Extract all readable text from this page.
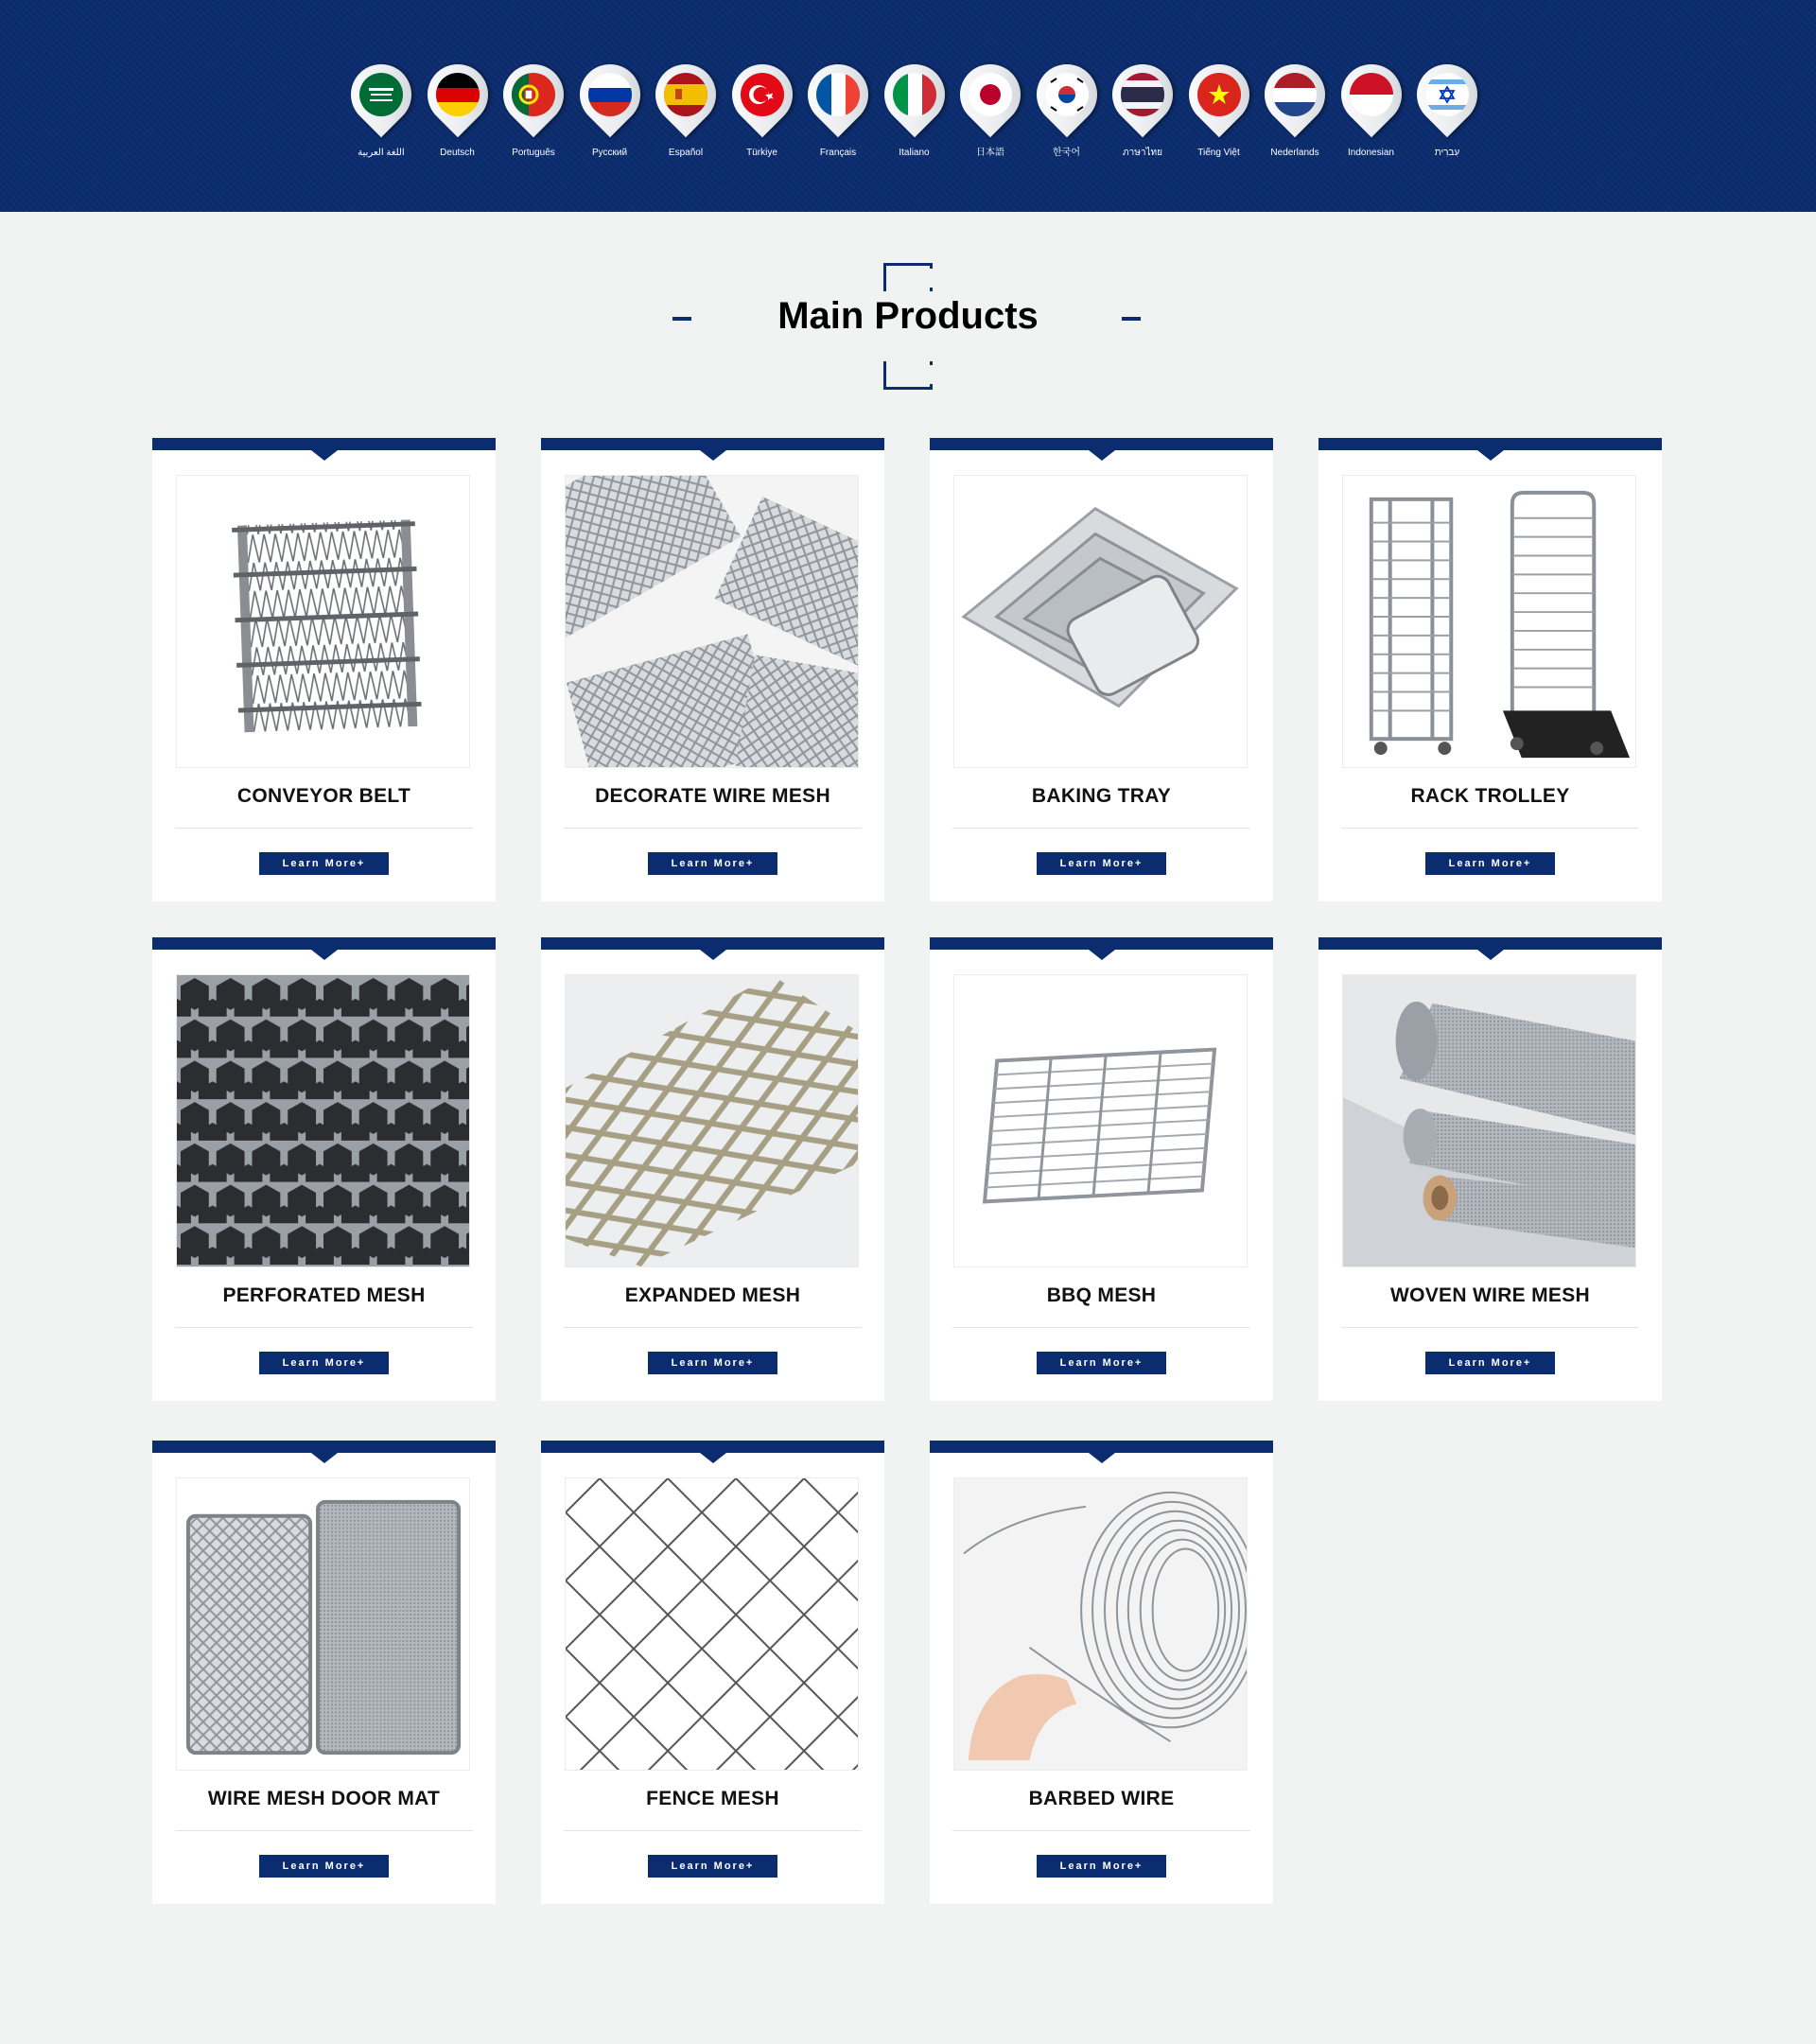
اللغة العربية	Deutsch	Português	Русский	Español	Türkiye	Français	Italiano	日本語	한국어	ภาษาไทย	Tiếng Việt	Nederlands	Indonesian	עִברִית
Main Products
CONVEYOR BELT
Learn More+
DECORATE WIRE MESH
Learn More+
BAKING TRAY
Learn More+
RACK TROLLEY
Learn More+
PERFORATED MESH
Learn More+
EXPANDED MESH
Learn More+
BBQ MESH
Learn More+
WOVEN WIRE MESH
Learn More+
WIRE MESH DOOR MAT
Learn More+
FENCE MESH
Learn More+
BARBED WIRE
Learn More+
